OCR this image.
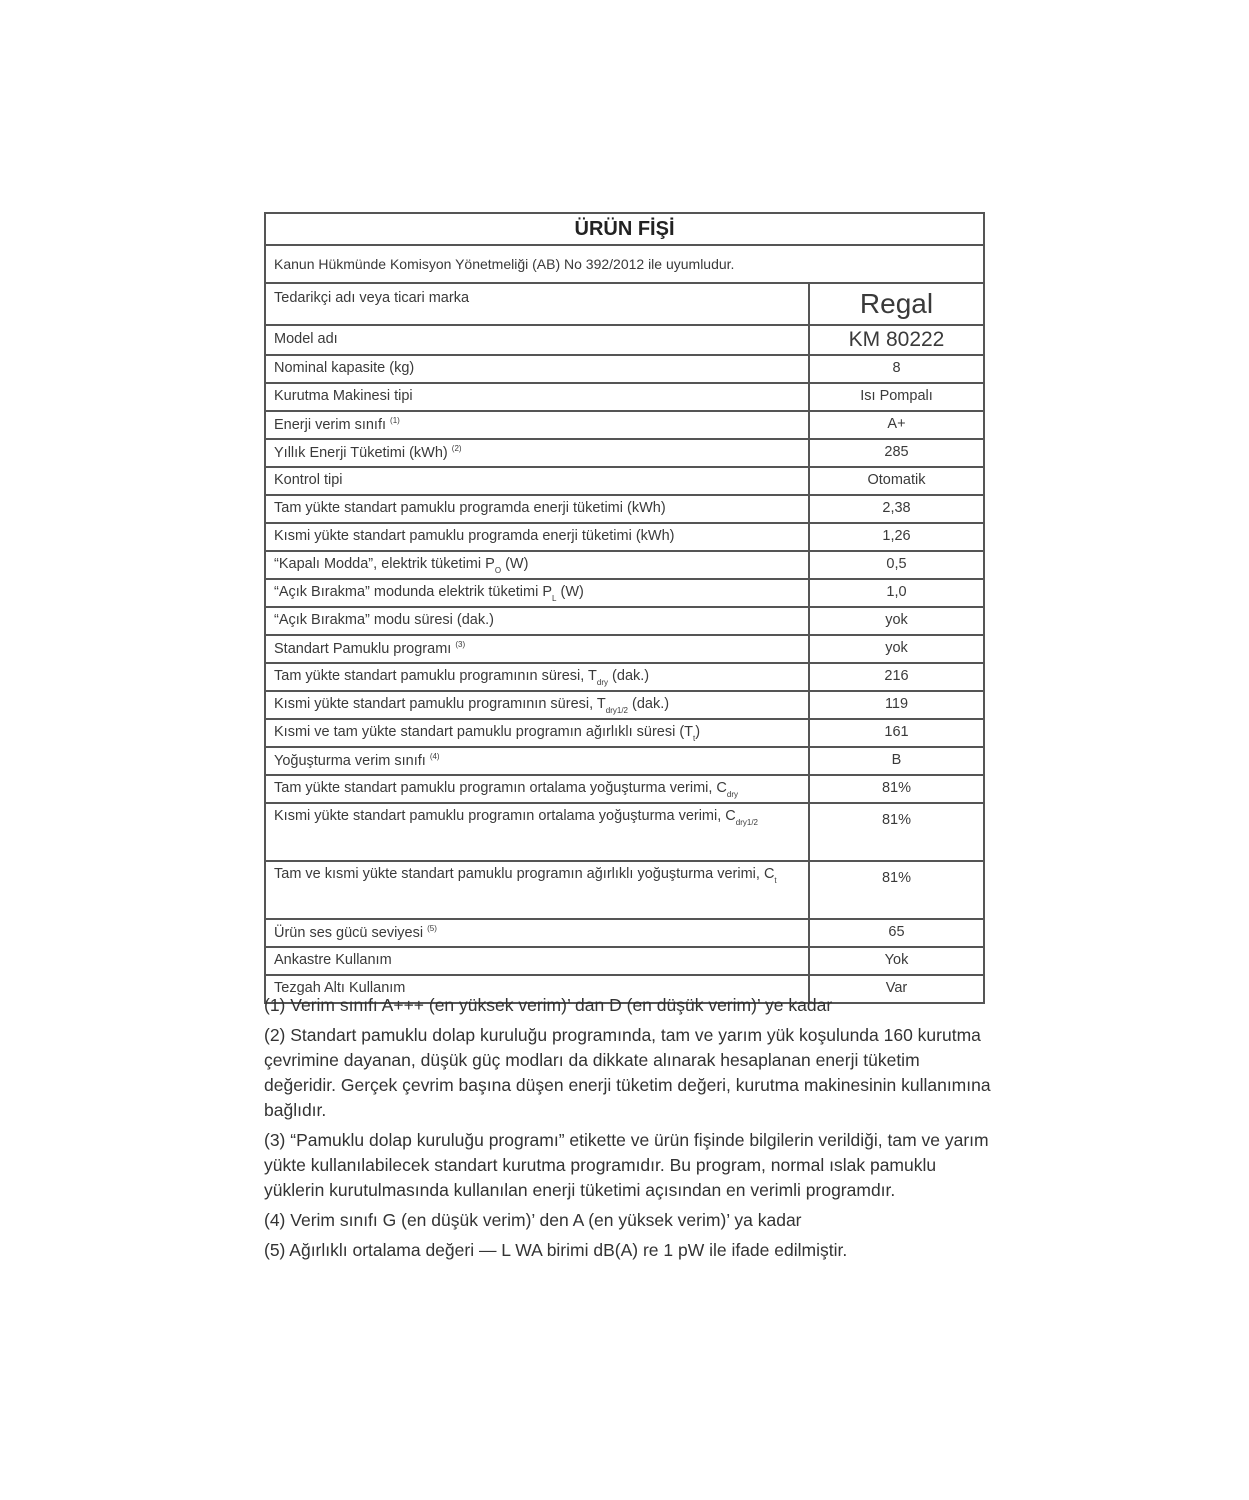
ÜRÜN FİŞİ	
Kanun Hükmünde Komisyon Yönetmeliği (AB) No 392/2012 ile uyumludur.	
Tedarikçi adı veya ticari marka	Regal
Model adı	KM 80222
Nominal kapasite (kg)	8
Kurutma Makinesi tipi	Isı Pompalı
Enerji verim sınıfı $^{(1)}$	A+
Yıllık Enerji Tüketimi (kWh) $^{(2)}$	285
Kontrol tipi	Otomatik
Tam yükte standart pamuklu programda enerji tüketimi (kWh)	2,38
Kısmi yükte standart pamuklu programda enerji tüketimi (kWh)	1,26
“Kapalı Modda”, elektrik tüketimi $P_O$ (W)	0,5
“Açık Bırakma” modunda elektrik tüketimi $P_L$ (W)	1,0
“Açık Bırakma” modu süresi (dak.)	yok
Standart Pamuklu programı $^{(3)}$	yok
Tam yükte standart pamuklu programının süresi, $T_{dry}$ (dak.)	216
Kısmi yükte standart pamuklu programının süresi, $T_{dry1/2}$ (dak.)	119
Kısmi ve tam yükte standart pamuklu programın ağırlıklı süresi $(T_t)$	161
Yoğuşturma verim sınıfı $^{(4)}$	B
Tam yükte standart pamuklu programın ortalama yoğuşturma verimi, $C_{dry}$	81%
Kısmi yükte standart pamuklu programın ortalama yoğuşturma verimi, $C_{dry1/2}$	81%
Tam ve kısmi yükte standart pamuklu programın ağırlıklı yoğuşturma verimi, $C_t$	81%
Ürün ses gücü seviyesi $^{(5)}$	65
Ankastre Kullanım	Yok
Tezgah Altı Kullanım	Var

(1) Verim sınıfı A+++ (en yüksek verim)’ dan D (en düşük verim)’ ye kadar

(2) Standart pamuklu dolap kuruluğu programında, tam ve yarım yük koşulunda 160 kurutma çevrimine dayanan, düşük güç modları da dikkate alınarak hesaplanan enerji tüketim değeridir. Gerçek çevrim başına düşen enerji tüketim değeri, kurutma makinesinin kullanımına bağlıdır.

(3) “Pamuklu dolap kuruluğu programı” etikette ve ürün fişinde bilgilerin verildiği, tam ve yarım yükte kullanılabilecek standart kurutma programıdır. Bu program, normal ıslak pamuklu yüklerin kurutulmasında kullanılan enerji tüketimi açısından en verimli programdır.

(4) Verim sınıfı G (en düşük verim)’ den A (en yüksek verim)’ ya kadar

(5) Ağırlıklı ortalama değeri — L WA birimi dB(A) re 1 pW ile ifade edilmiştir.
